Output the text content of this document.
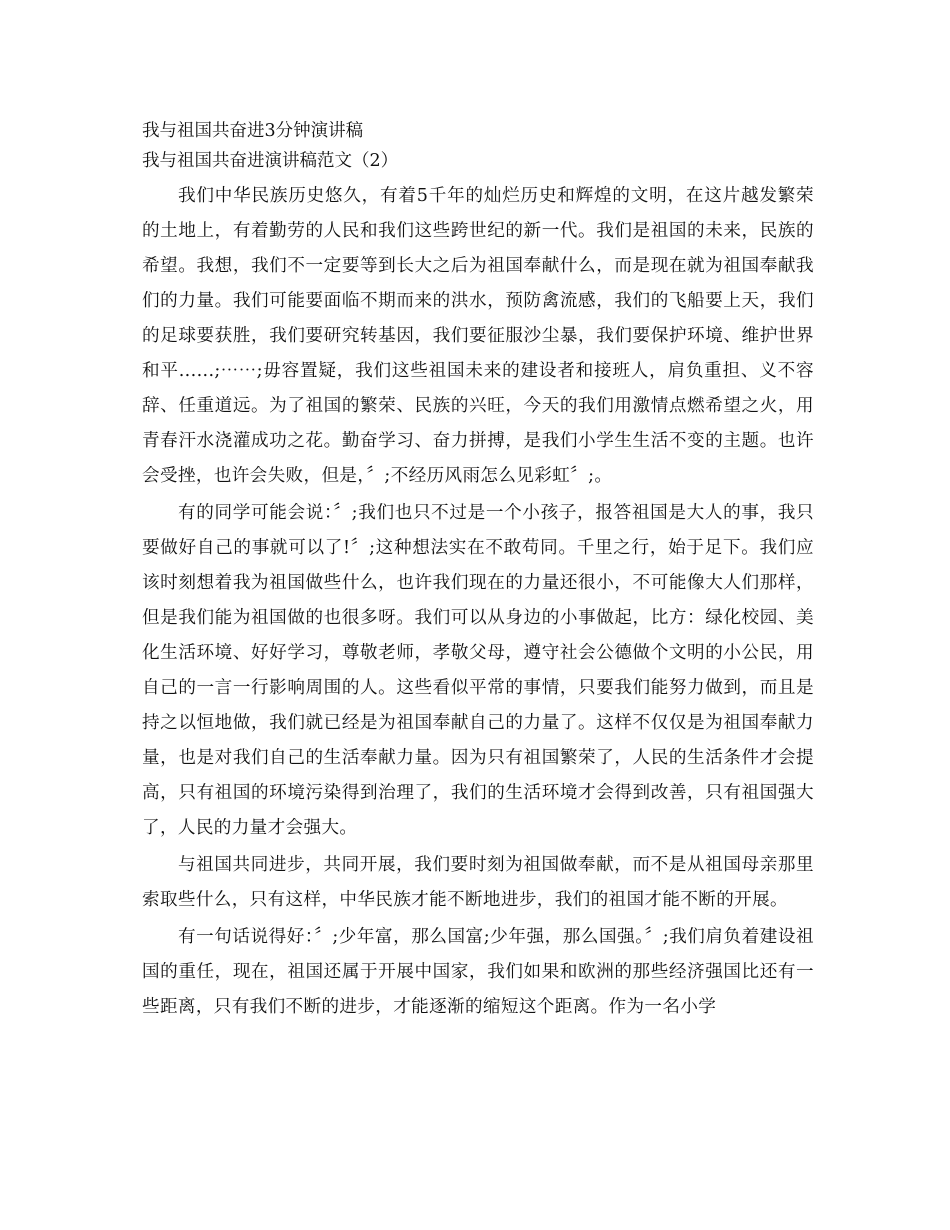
我与祖国共奋进3分钟演讲稿

我与祖国共奋进演讲稿范文（2）

我们中华民族历史悠久，有着5千年的灿烂历史和辉煌的文明，在这片越发繁荣的土地上，有着勤劳的人民和我们这些跨世纪的新一代。我们是祖国的未来，民族的希望。我想，我们不一定要等到长大之后为祖国奉献什么，而是现在就为祖国奉献我们的力量。我们可能要面临不期而来的洪水，预防禽流感，我们的飞船要上天，我们的足球要获胜，我们要研究转基因，我们要征服沙尘暴，我们要保护环境、维护世界和平......;⋯⋯;毋容置疑，我们这些祖国未来的建设者和接班人，肩负重担、义不容辞、任重道远。为了祖国的繁荣、民族的兴旺，今天的我们用激情点燃希望之火，用青春汗水浇灌成功之花。勤奋学习、奋力拼搏，是我们小学生生活不变的主题。也许会受挫，也许会失败，但是，〞;不经历风雨怎么见彩虹〞;。

有的同学可能会说：〞;我们也只不过是一个小孩子，报答祖国是大人的事，我只要做好自己的事就可以了!〞;这种想法实在不敢苟同。千里之行，始于足下。我们应该时刻想着我为祖国做些什么，也许我们现在的力量还很小，不可能像大人们那样，但是我们能为祖国做的也很多呀。我们可以从身边的小事做起，比方：绿化校园、美化生活环境、好好学习，尊敬老师，孝敬父母，遵守社会公德做个文明的小公民，用自己的一言一行影响周围的人。这些看似平常的事情，只要我们能努力做到，而且是持之以恒地做，我们就已经是为祖国奉献自己的力量了。这样不仅仅是为祖国奉献力量，也是对我们自己的生活奉献力量。因为只有祖国繁荣了，人民的生活条件才会提高，只有祖国的环境污染得到治理了，我们的生活环境才会得到改善，只有祖国强大了，人民的力量才会强大。

与祖国共同进步，共同开展，我们要时刻为祖国做奉献，而不是从祖国母亲那里索取些什么，只有这样，中华民族才能不断地进步，我们的祖国才能不断的开展。

有一句话说得好：〞;少年富，那么国富;少年强，那么国强。〞;我们肩负着建设祖国的重任，现在，祖国还属于开展中国家，我们如果和欧洲的那些经济强国比还有一些距离，只有我们不断的进步，才能逐渐的缩短这个距离。作为一名小学
